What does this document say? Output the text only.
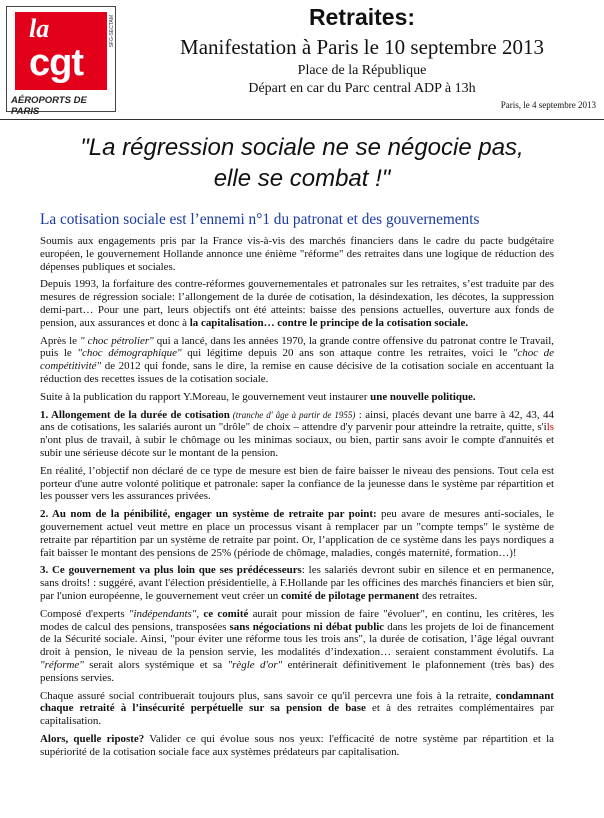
la
cgt
SFG-SECTAM
AÉROPORTS DE PARIS
Retraites:
Manifestation à Paris le 10 septembre 2013
Place de la République
Départ en car du Parc central ADP à 13h
Paris, le 4 septembre 2013
"La régression sociale ne se négocie pas,
elle se combat !"
La cotisation sociale est l’ennemi n°1 du patronat et des gouvernements

Soumis aux engagements pris par la France vis-à-vis des marchés financiers dans le cadre du pacte budgétaire européen, le gouvernement Hollande annonce une énième "réforme" des retraites dans une logique de réduction des dépenses publiques et sociales.

Depuis 1993, la forfaiture des contre-réformes gouvernementales et patronales sur les retraites, s’est traduite par des mesures de régression sociale: l’allongement de la durée de cotisation, la désindexation, les décotes, la suppression demi-part… Pour une part, leurs objectifs ont été atteints: baisse des pensions actuelles, ouverture aux fonds de pension, aux assurances et donc à la capitalisation… contre le principe de la cotisation sociale.

Après le " choc pétrolier" qui a lancé, dans les années 1970, la grande contre offensive du patronat contre le Travail, puis le "choc démographique" qui légitime depuis 20 ans son attaque contre les retraites, voici le "choc de compétitivité" de 2012 qui fonde, sans le dire, la remise en cause décisive de la cotisation sociale en accentuant la réduction des recettes issues de la cotisation sociale.

Suite à la publication du rapport Y.Moreau, le gouvernement veut instaurer une nouvelle politique.

1. Allongement de la durée de cotisation (tranche d' âge à partir de 1955) : ainsi, placés devant une barre à 42, 43, 44 ans de cotisations, les salariés auront un "drôle" de choix – attendre d'y parvenir pour atteindre la retraite, quitte, s'ils n'ont plus de travail, à subir le chômage ou les minimas sociaux, ou bien, partir sans avoir le compte d'annuités et subir une sérieuse décote sur le montant de la pension.

En réalité, l’objectif non déclaré de ce type de mesure est bien de faire baisser le niveau des pensions. Tout cela est porteur d'une autre volonté politique et patronale: saper la confiance de la jeunesse dans le système par répartition et les pousser vers les assurances privées.

2. Au nom de la pénibilité, engager un système de retraite par point: peu avare de mesures anti-sociales, le gouvernement actuel veut mettre en place un processus visant à remplacer par un "compte temps" le système de retraite par répartition par un système de retraite par point. Or, l’application de ce système dans les pays nordiques a fait baisser le montant des pensions de 25% (période de chômage, maladies, congés maternité, formation…)!

3. Ce gouvernement va plus loin que ses prédécesseurs: les salariés devront subir en silence et en permanence, sans droits! : suggéré, avant l'élection présidentielle, à F.Hollande par les officines des marchés financiers et bien sûr, par l'union européenne, le gouvernement veut créer un comité de pilotage permanent des retraites.

Composé d'experts "indépendants", ce comité aurait pour mission de faire "évoluer", en continu, les critères, les modes de calcul des pensions, transposées sans négociations ni débat public dans les projets de loi de financement de la Sécurité sociale. Ainsi, "pour éviter une réforme tous les trois ans", la durée de cotisation, l’âge légal ouvrant droit à pension, le niveau de la pension servie, les modalités d’indexation… seraient constamment évolutifs. La "réforme" serait alors systémique et sa "règle d'or" entérinerait définitivement le plafonnement (très bas) des pensions servies.

Chaque assuré social contribuerait toujours plus, sans savoir ce qu'il percevra une fois à la retraite, condamnant chaque retraité à l’insécurité perpétuelle sur sa pension de base et à des retraites complémentaires par capitalisation.

Alors, quelle riposte? Valider ce qui évolue sous nos yeux: l'efficacité de notre système par répartition et la supériorité de la cotisation sociale face aux systèmes prédateurs par capitalisation.
